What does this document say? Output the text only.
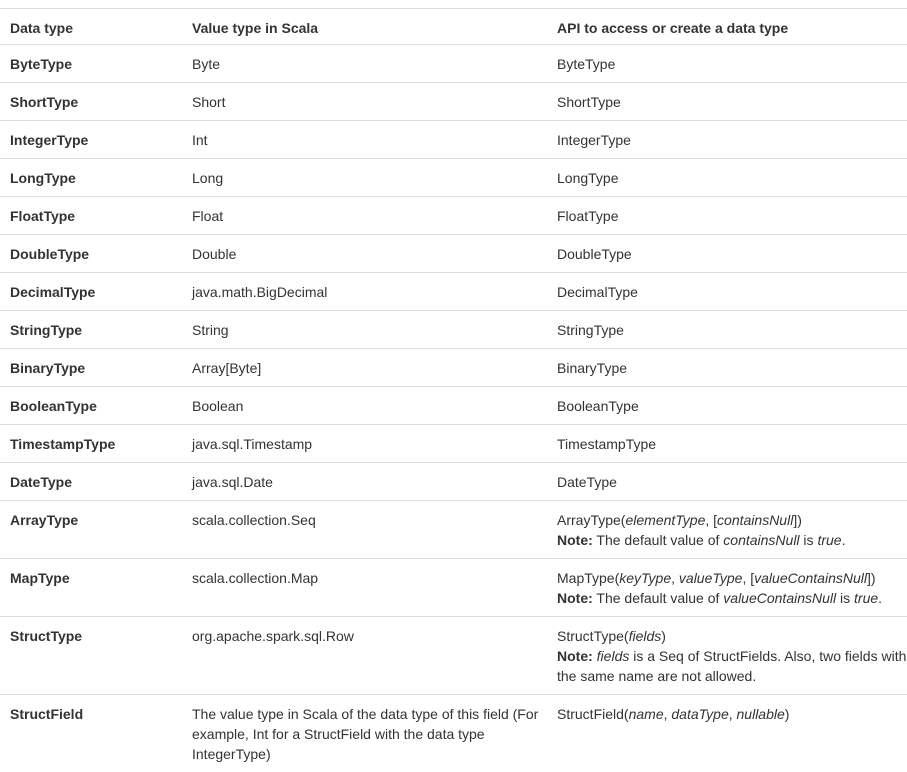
Data type	Value type in Scala	API to access or create a data type
ByteType	Byte	ByteType
ShortType	Short	ShortType
IntegerType	Int	IntegerType
LongType	Long	LongType
FloatType	Float	FloatType
DoubleType	Double	DoubleType
DecimalType	java.math.BigDecimal	DecimalType
StringType	String	StringType
BinaryType	Array[Byte]	BinaryType
BooleanType	Boolean	BooleanType
TimestampType	java.sql.Timestamp	TimestampType
DateType	java.sql.Date	DateType
ArrayType	scala.collection.Seq	ArrayType(elementType, [containsNull])
Note: The default value of containsNull is true.
MapType	scala.collection.Map	MapType(keyType, valueType, [valueContainsNull])
Note: The default value of valueContainsNull is true.
StructType	org.apache.spark.sql.Row	StructType(fields)
Note: fields is a Seq of StructFields. Also, two fields with the same name are not allowed.
StructField	The value type in Scala of the data type of this field (For example, Int for a StructField with the data type IntegerType)	StructField(name, dataType, nullable)
